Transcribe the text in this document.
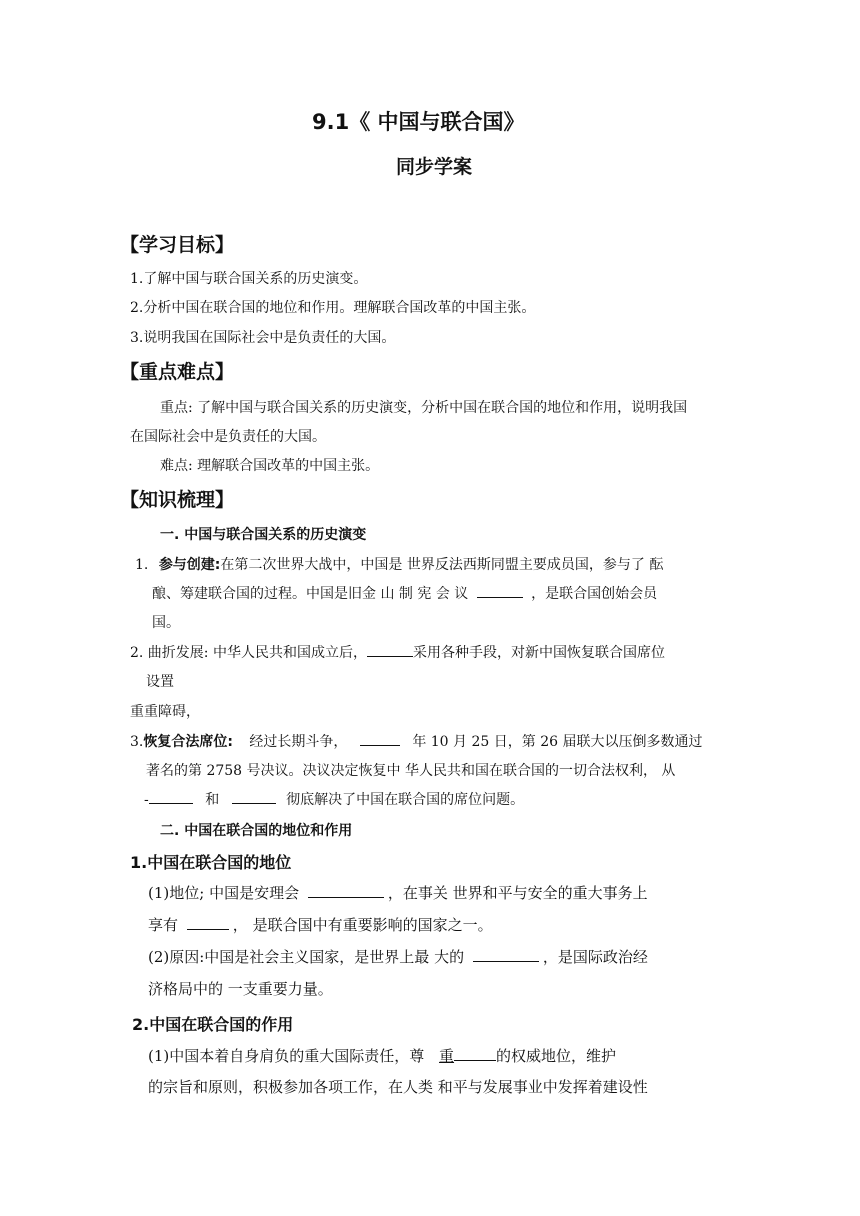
9.1《 中国与联合国》
同步学案
【学习目标】
1.了解中国与联合国关系的历史演变。
2.分析中国在联合国的地位和作用。理解联合国改革的中国主张。
3.说明我国在国际社会中是负责任的大国。
【重点难点】
重点: 了解中国与联合国关系的历史演变，分析中国在联合国的地位和作用，说明我国
在国际社会中是负责任的大国。
难点: 理解联合国改革的中国主张。
【知识梳理】
一. 中国与联合国关系的历史演变
1. 参与创建:在第二次世界大战中，中国是 世界反法西斯同盟主要成员国，参与了 酝
酿、筹建联合国的过程。中国是旧金 山 制 宪 会 议	，是联合国创始会员
国。
2. 曲折发展: 中华人民共和国成立后，	采用各种手段，对新中国恢复联合国席位
设置
重重障碍，
3.恢复合法席位: 经过长期斗争，	年 10 月 25 日，第 26 届联大以压倒多数通过
著名的第 2758 号决议。决议决定恢复中 华人民共和国在联合国的一切合法权利， 从
-	和	彻底解决了中国在联合国的席位问题。
二. 中国在联合国的地位和作用
1.中国在联合国的地位
(1)地位; 中国是安理会	，在事关 世界和平与安全的重大事务上
享有	， 是联合国中有重要影响的国家之一。
(2)原因:中国是社会主义国家，是世界上最 大的	，是国际政治经
济格局中的 一支重要力量。
2.中国在联合国的作用
(1)中国本着自身肩负的重大国际责任，尊 重	的权威地位，维护
的宗旨和原则，积极参加各项工作，在人类 和平与发展事业中发挥着建设性
